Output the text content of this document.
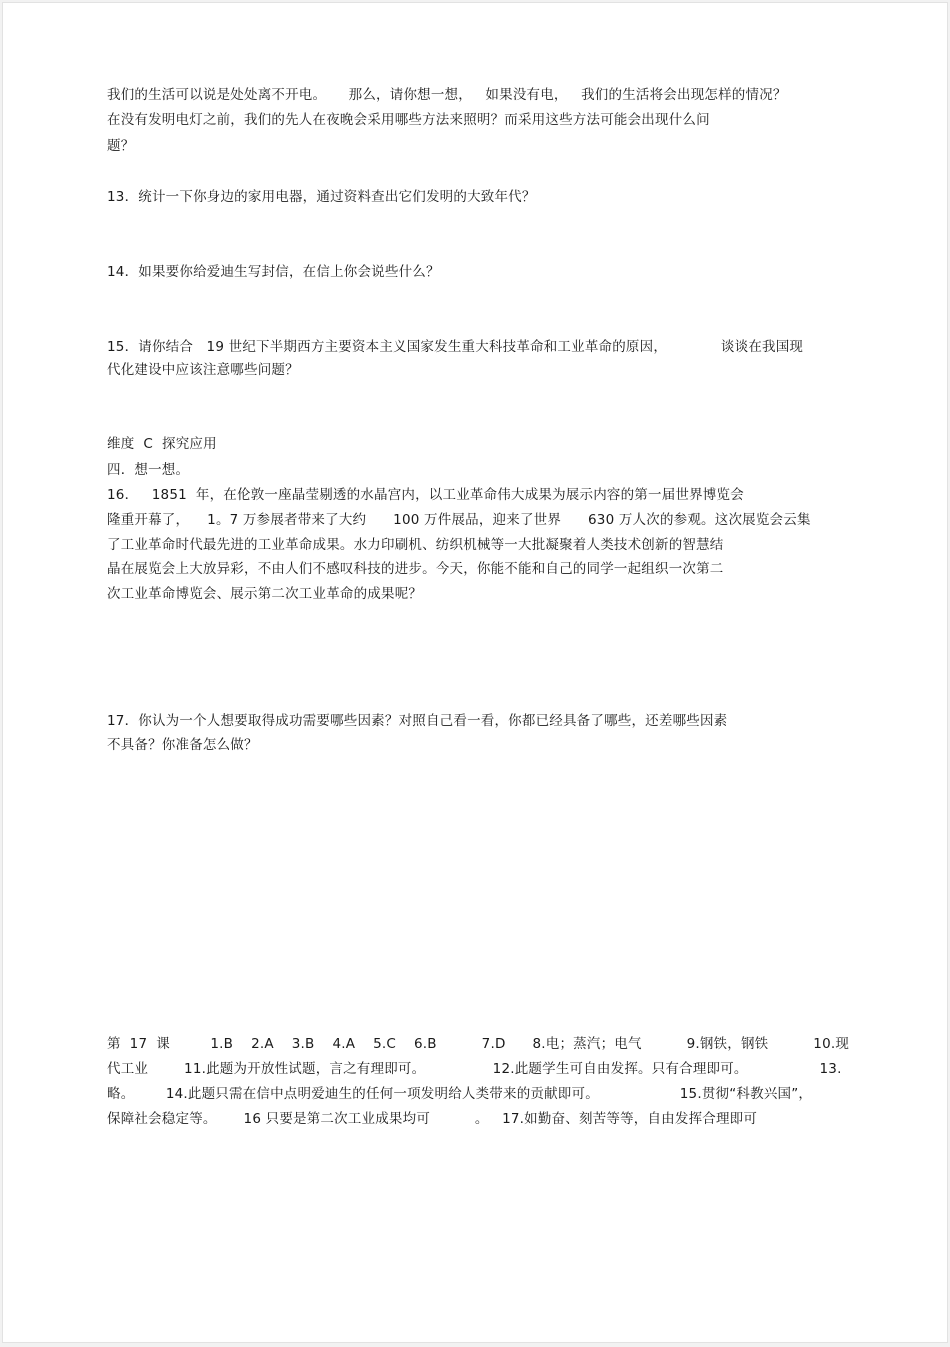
我们的生活可以说是处处离不开电。     那么，请你想一想，   如果没有电，   我们的生活将会出现怎样的情况？
在没有发明电灯之前，我们的先人在夜晚会采用哪些方法来照明？而采用这些方法可能会出现什么问
题？
13．统计一下你身边的家用电器，通过资料查出它们发明的大致年代？
14．如果要你给爱迪生写封信，在信上你会说些什么？
15．请你结合   19 世纪下半期西方主要资本主义国家发生重大科技革命和工业革命的原因，            谈谈在我国现
代化建设中应该注意哪些问题？
维度  C  探究应用
四．想一想。
16．   1851  年，在伦敦一座晶莹剔透的水晶宫内，以工业革命伟大成果为展示内容的第一届世界博览会
隆重开幕了，    1。7 万参展者带来了大约      100 万件展品，迎来了世界      630 万人次的参观。这次展览会云集
了工业革命时代最先进的工业革命成果。水力印刷机、纺织机械等一大批凝聚着人类技术创新的智慧结
晶在展览会上大放异彩，不由人们不感叹科技的进步。今天，你能不能和自己的同学一起组织一次第二
次工业革命博览会、展示第二次工业革命的成果呢？
17．你认为一个人想要取得成功需要哪些因素？对照自己看一看，你都已经具备了哪些，还差哪些因素
不具备？你准备怎么做？
第  17  课         1.B    2.A    3.B    4.A    5.C    6.B          7.D      8.电；蒸汽；电气          9.钢铁，钢铁          10.现
代工业        11.此题为开放性试题，言之有理即可。               12.此题学生可自由发挥。只有合理即可。                13.
略。       14.此题只需在信中点明爱迪生的任何一项发明给人类带来的贡献即可。                  15.贯彻“科教兴国”，
保障社会稳定等。      16 只要是第二次工业成果均可          。   17.如勤奋、刻苦等等，自由发挥合理即可
